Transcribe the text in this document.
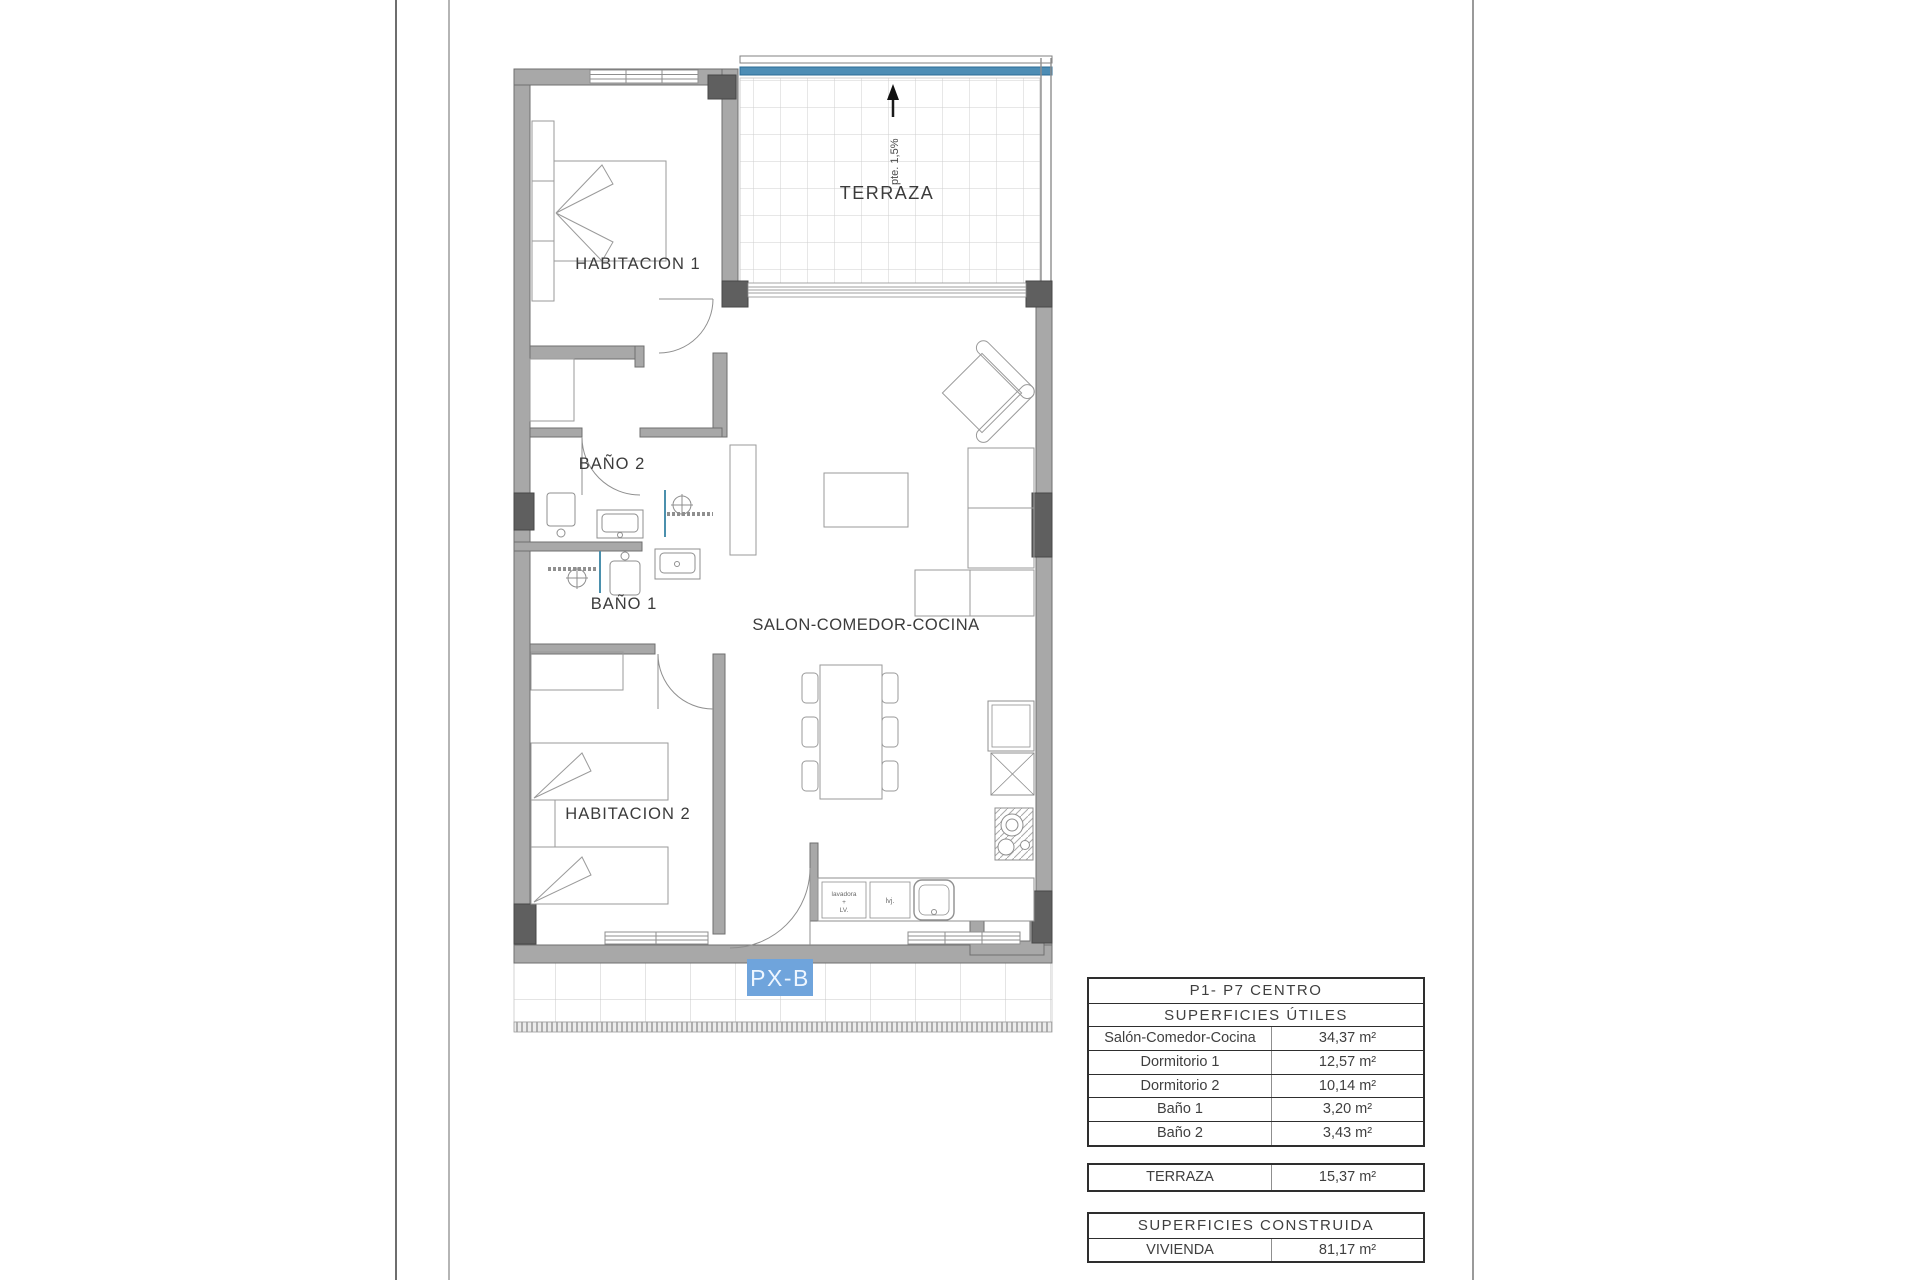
HABITACION 1
TERRAZA
BAÑO 2
BAÑO 1
HABITACION 2
SALON-COMEDOR-COCINA
pte. 1,5%
lavadora
+
LV.
lvj.
PX-B	P1- P7 CENTRO
SUPERFICIES ÚTILES
Salón-Comedor-Cocina	34,37 m²
Dormitorio 1	12,57 m²
Dormitorio 2	10,14 m²
Baño 1	3,20 m²
Baño 2	3,43 m²
TERRAZA	15,37 m²
SUPERFICIES CONSTRUIDA
VIVIENDA	81,17 m²
